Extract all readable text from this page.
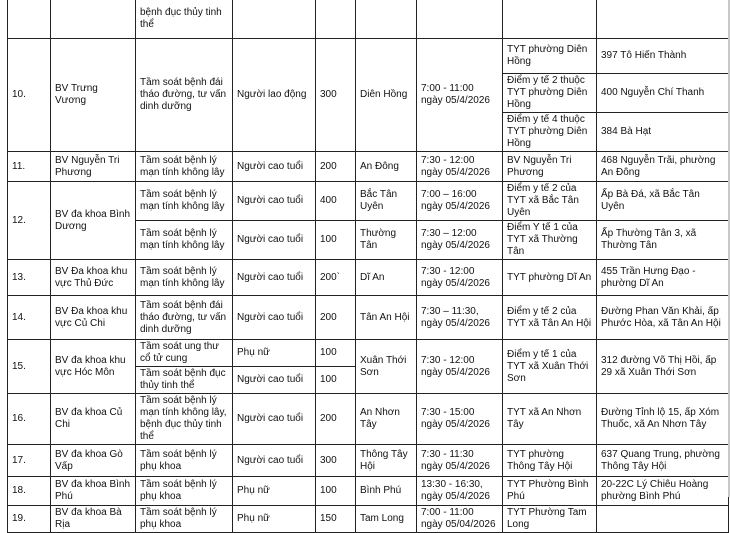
		bệnh đục thủy tinh thể						
10.	BV Trưng Vương	Tầm soát bệnh đái tháo đường, tư vấn dinh dưỡng	Người lao động	300	Diên Hồng	7:00 - 11:00 ngày 05/4/2026	TYT phường Diên Hồng	397 Tô Hiến Thành
							Điểm y tế 2 thuộc TYT phường Diên Hồng	400 Nguyễn Chí Thanh
							Điểm y tế 4 thuộc TYT phường Diên Hồng	384 Bà Hạt
11.	BV Nguyễn Tri Phương	Tầm soát bệnh lý mạn tính không lây	Người cao tuổi	200	An Đông	7:30 - 12:00 ngày 05/4/2026	BV Nguyễn Tri Phương	468 Nguyễn Trãi, phường An Đông
12.	BV đa khoa Bình Dương	Tầm soát bệnh lý mạn tính không lây	Người cao tuổi	400	Bắc Tân Uyên	7:00 – 16:00 ngày 05/4/2026	Điểm y tế 2 của TYT xã Bắc Tân Uyên	Ấp Bà Đá, xã Bắc Tân Uyên
		Tầm soát bệnh lý mạn tính không lây	Người cao tuổi	100	Thường Tân	7:30 – 12:00 ngày 05/4/2026	Điểm Y tế 1 của TYT xã Thường Tân	Ấp Thường Tân 3, xã Thường Tân
13.	BV Đa khoa khu vực Thủ Đức	Tầm soát bệnh lý mạn tính không lây	Người cao tuổi	200`	Dĩ An	7:30 - 12:00 ngày 05/4/2026	TYT phường Dĩ An	455 Trần Hưng Đạo - phường Dĩ An
14.	BV Đa khoa khu vực Củ Chi	Tầm soát bệnh đái tháo đường, tư vấn dinh dưỡng	Người cao tuổi	200	Tân An Hội	7:30 – 11:30, ngày 05/4/2026	Điểm y tế 2 của TYT xã Tân An Hội	Đường Phan Văn Khải, ấp Phước Hòa, xã Tân An Hội
15.	BV đa khoa khu vực Hóc Môn	Tầm soát ung thư cổ tử cung	Phụ nữ	100	Xuân Thới Sơn	7:30 - 12:00 ngày 05/4/2026	Điểm y tế 1 của TYT xã Xuân Thới Sơn	312 đường Võ Thị Hồi, ấp 29 xã Xuân Thới Sơn
		Tầm soát bệnh đục thủy tinh thể	Người cao tuổi	100				
16.	BV đa khoa Củ Chi	Tầm soát bệnh lý mạn tính không lây, bệnh đục thủy tinh thể	Người cao tuổi	200	An Nhơn Tây	7:30 - 15:00 ngày 05/4/2026	TYT xã An Nhơn Tây	Đường Tỉnh lộ 15, ấp Xóm Thuốc, xã An Nhơn Tây
17.	BV đa khoa Gò Vấp	Tầm soát bệnh lý phụ khoa	Người cao tuổi	300	Thông Tây Hội	7:30 - 11:30 ngày 05/4/2026	TYT phường Thông Tây Hội	637 Quang Trung, phường Thông Tây Hội
18.	BV đa khoa Bình Phú	Tầm soát bệnh lý phụ khoa	Phụ nữ	100	Bình Phú	13:30 - 16:30, ngày 05/4/2026	TYT Phường Bình Phú	20-22C Lý Chiêu Hoàng phường Bình Phú
19.	BV đa khoa Bà Rịa	Tầm soát bệnh lý phụ khoa	Phụ nữ	150	Tam Long	7:00 - 11:00 ngày 05/04/2026	TYT Phường Tam Long	
